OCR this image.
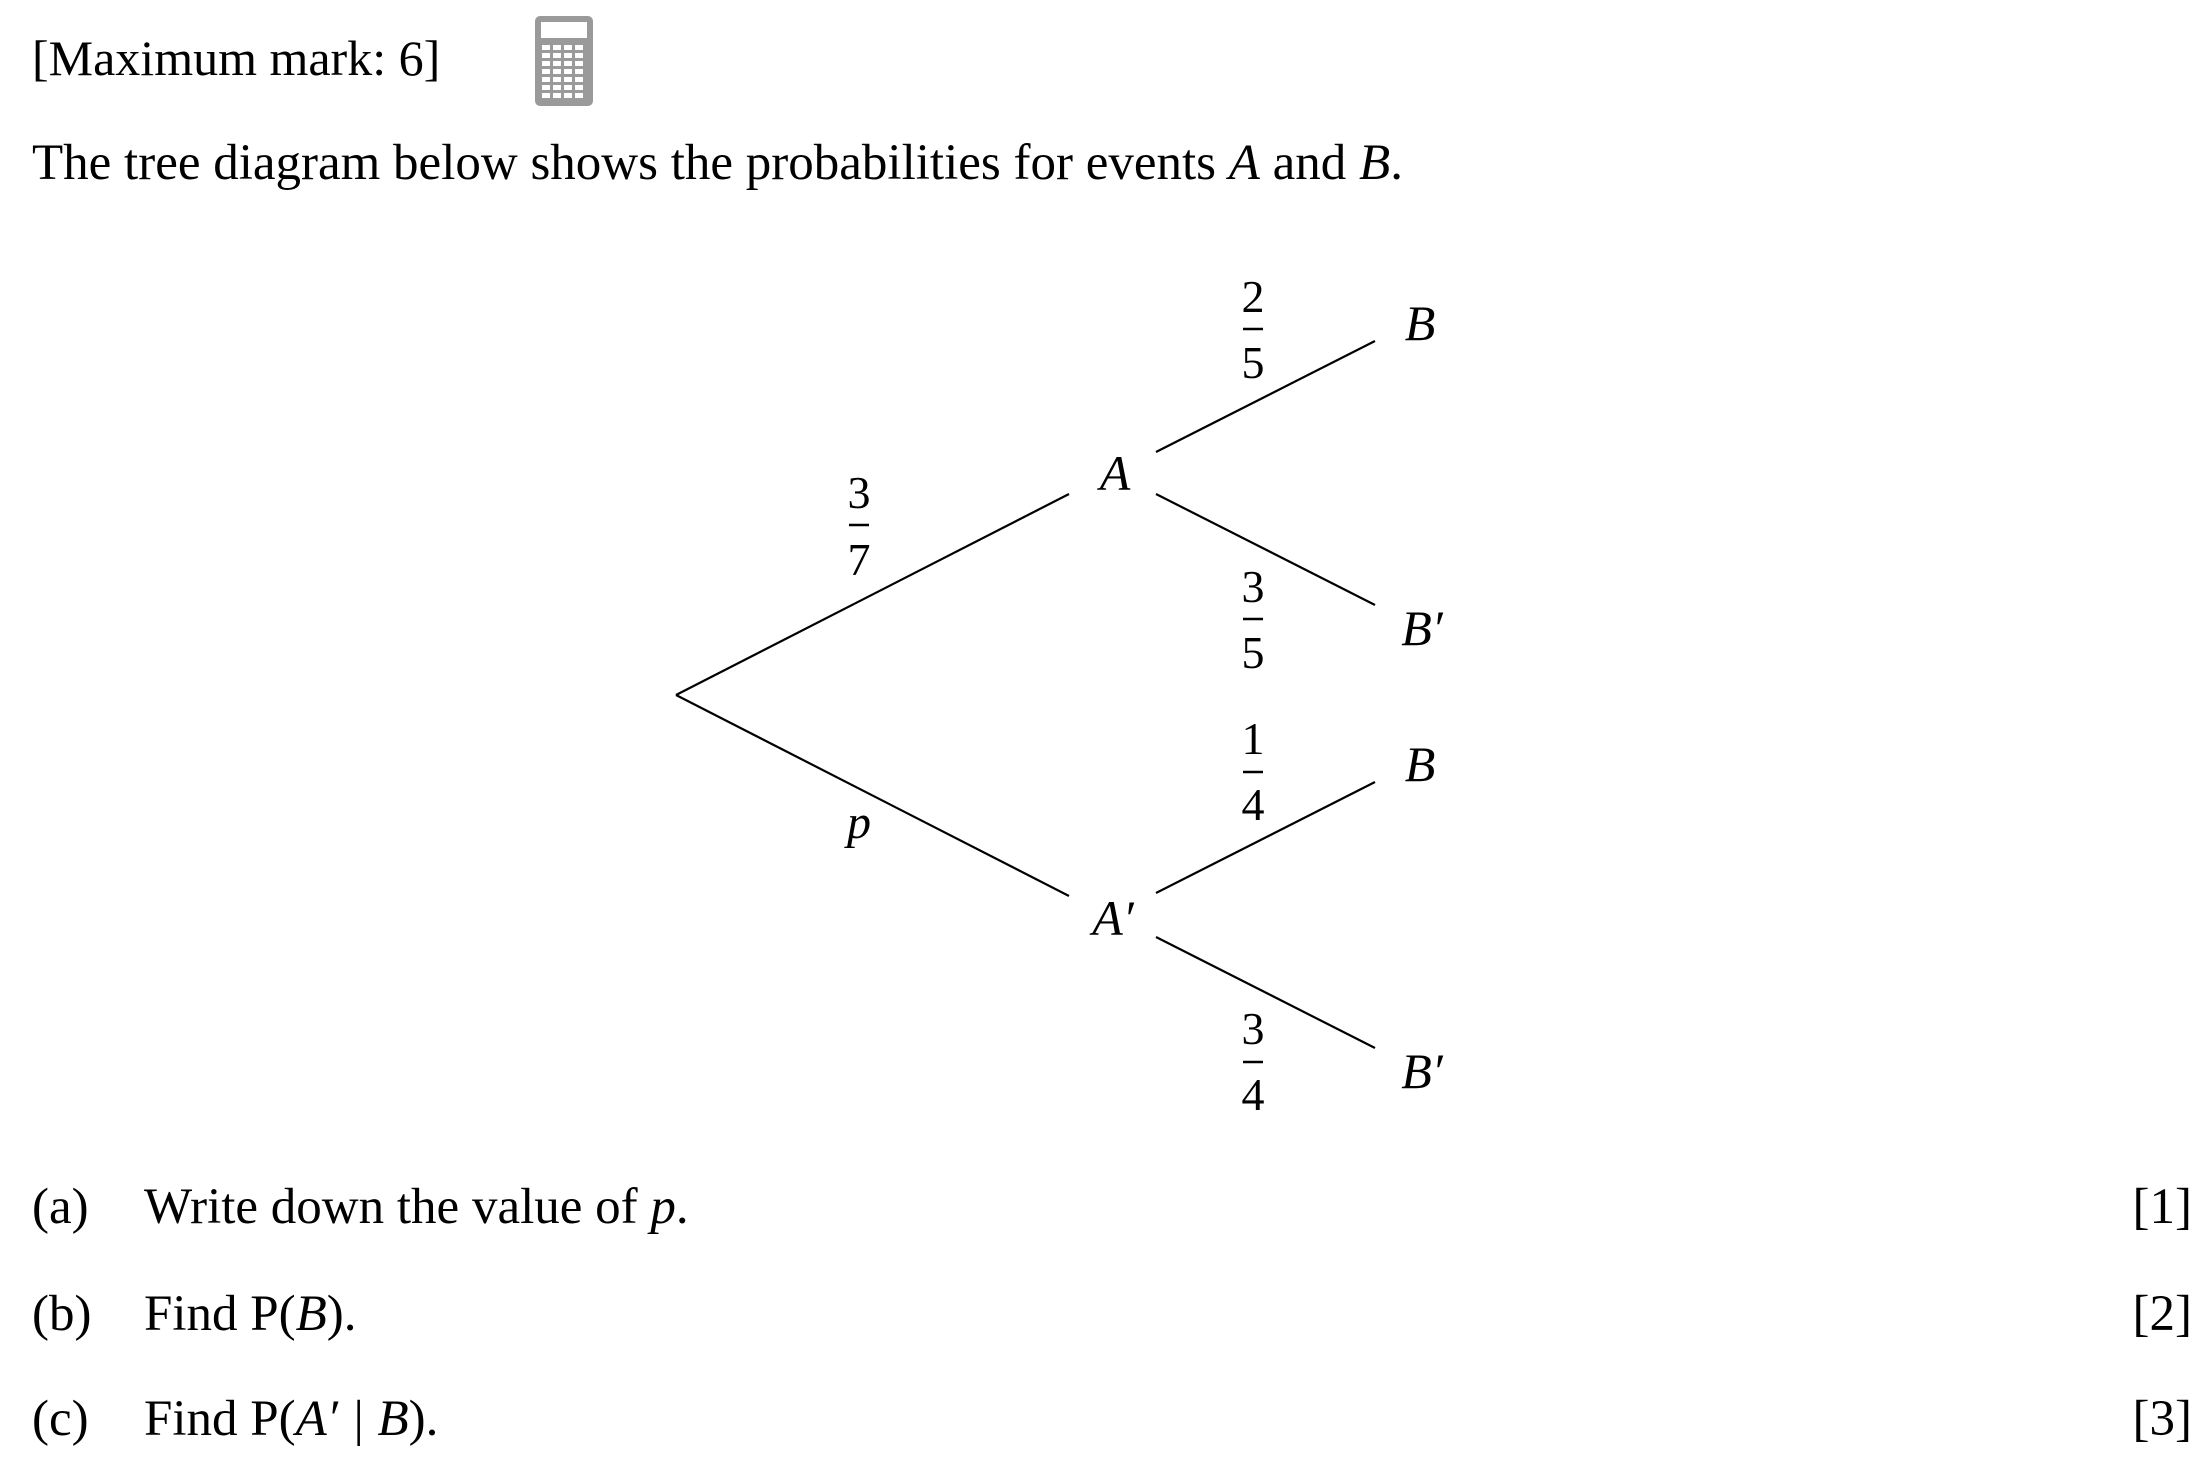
[Maximum mark: 6]
The tree diagram below shows the probabilities for events A and B.
3
7
p
A
A′
2
5
3
5
1
4
3
4
B
B′
B
B′
(a) Write down the value of p.	[1]
(b) Find P(B).	[2]
(c) Find P(A′ | B).	[3]
